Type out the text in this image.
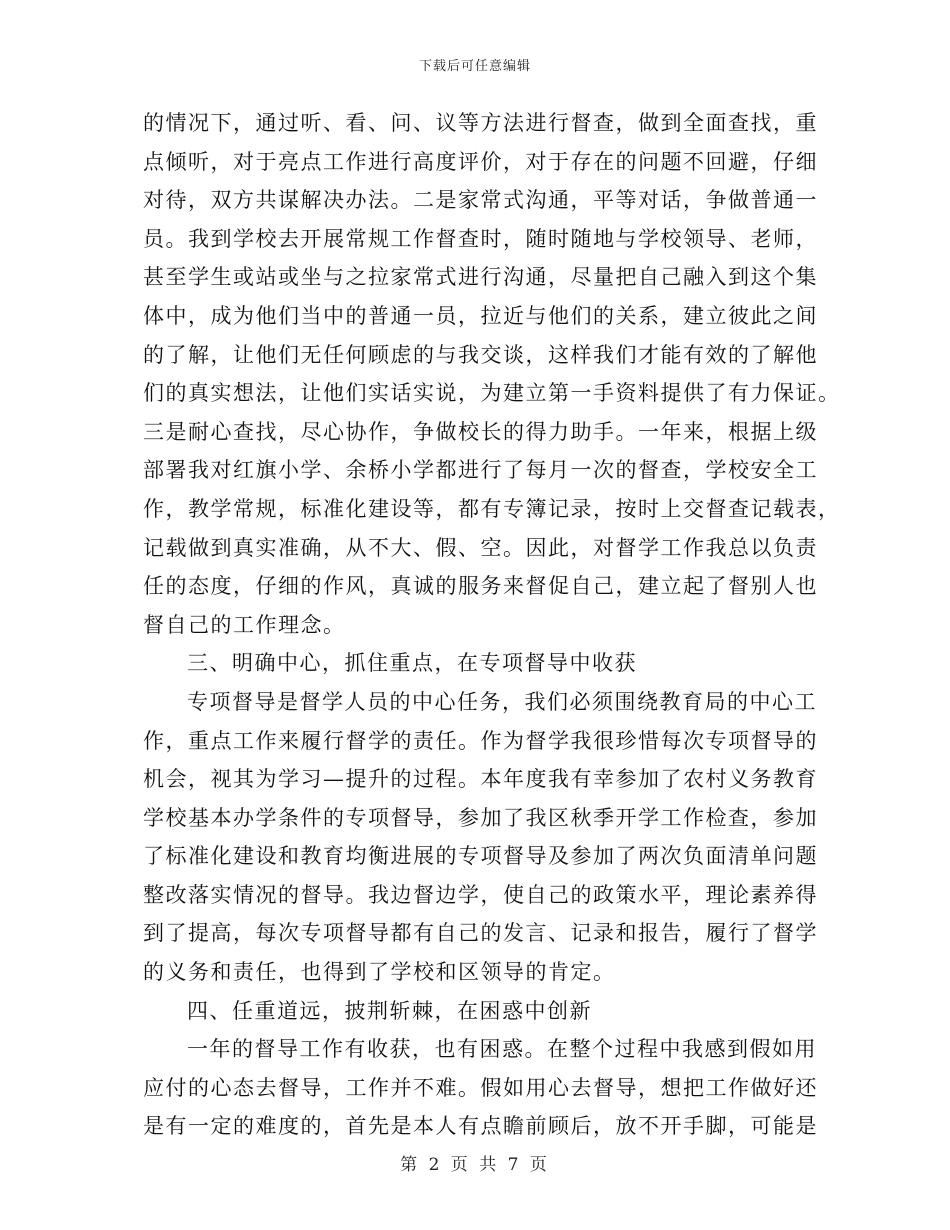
下载后可任意编辑
的情况下，通过听、看、问、议等方法进行督查，做到全面查找，重
点倾听，对于亮点工作进行高度评价，对于存在的问题不回避，仔细
对待，双方共谋解决办法。二是家常式沟通，平等对话，争做普通一
员。我到学校去开展常规工作督查时，随时随地与学校领导、老师，
甚至学生或站或坐与之拉家常式进行沟通，尽量把自己融入到这个集
体中，成为他们当中的普通一员，拉近与他们的关系，建立彼此之间
的了解，让他们无任何顾虑的与我交谈，这样我们才能有效的了解他
们的真实想法，让他们实话实说，为建立第一手资料提供了有力保证。
三是耐心查找，尽心协作，争做校长的得力助手。一年来，根据上级
部署我对红旗小学、余桥小学都进行了每月一次的督查，学校安全工
作，教学常规，标准化建设等，都有专簿记录，按时上交督查记载表，
记载做到真实准确，从不大、假、空。因此，对督学工作我总以负责
任的态度，仔细的作风，真诚的服务来督促自己，建立起了督别人也
督自己的工作理念。
三、明确中心，抓住重点，在专项督导中收获
专项督导是督学人员的中心任务，我们必须围绕教育局的中心工
作，重点工作来履行督学的责任。作为督学我很珍惜每次专项督导的
机会，视其为学习—提升的过程。本年度我有幸参加了农村义务教育
学校基本办学条件的专项督导，参加了我区秋季开学工作检查，参加
了标准化建设和教育均衡进展的专项督导及参加了两次负面清单问题
整改落实情况的督导。我边督边学，使自己的政策水平，理论素养得
到了提高，每次专项督导都有自己的发言、记录和报告，履行了督学
的义务和责任，也得到了学校和区领导的肯定。
四、任重道远，披荆斩棘，在困惑中创新
一年的督导工作有收获，也有困惑。在整个过程中我感到假如用
应付的心态去督导，工作并不难。假如用心去督导，想把工作做好还
是有一定的难度的，首先是本人有点瞻前顾后，放不开手脚，可能是
第 2 页 共 7 页
